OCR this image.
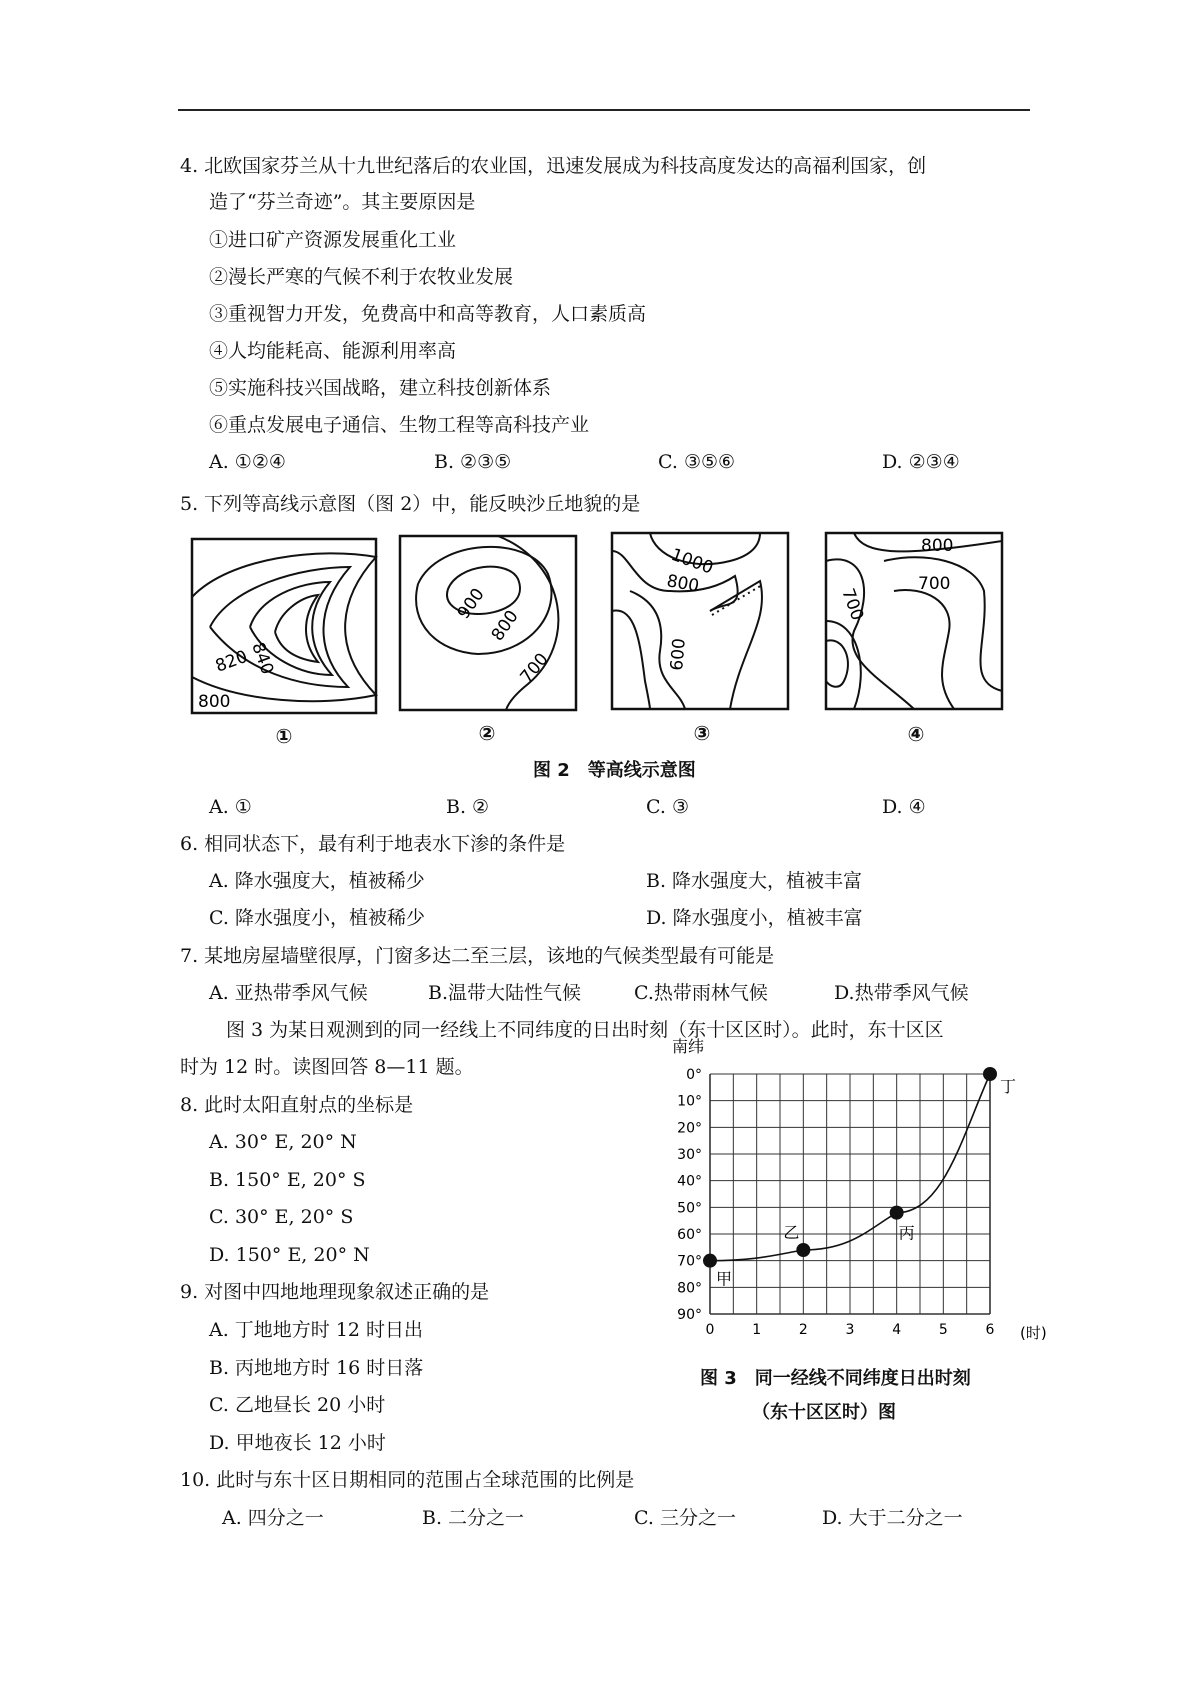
4. 北欧国家芬兰从十九世纪落后的农业国，迅速发展成为科技高度发达的高福利国家，创
造了“芬兰奇迹”。其主要原因是
①进口矿产资源发展重化工业
②漫长严寒的气候不利于农牧业发展
③重视智力开发，免费高中和高等教育，人口素质高
④人均能耗高、能源利用率高
⑤实施科技兴国战略，建立科技创新体系
⑥重点发展电子通信、生物工程等高科技产业
A. ①②④	B. ②③⑤	C. ③⑤⑥	D. ②③④
5. 下列等高线示意图（图 2）中，能反映沙丘地貌的是
840
820
800
①
900
800
700
②
1000
800
600
③
800
700
700
④
图 2　等高线示意图
A. ①	B. ②	C. ③	D. ④
6. 相同状态下，最有利于地表水下渗的条件是
A. 降水强度大，植被稀少	B. 降水强度大，植被丰富
C. 降水强度小，植被稀少	D. 降水强度小，植被丰富
7. 某地房屋墙壁很厚，门窗多达二至三层，该地的气候类型最有可能是
A. 亚热带季风气候	B.温带大陆性气候	C.热带雨林气候	D.热带季风气候
图 3 为某日观测到的同一经线上不同纬度的日出时刻（东十区区时）。此时，东十区区
时为 12 时。读图回答 8—11 题。
8. 此时太阳直射点的坐标是
A. 30° E, 20° N
B. 150° E, 20° S
C. 30° E, 20° S
D. 150° E, 20° N
9. 对图中四地地理现象叙述正确的是
A. 丁地地方时 12 时日出
B. 丙地地方时 16 时日落
C. 乙地昼长 20 小时
D. 甲地夜长 12 小时
10. 此时与东十区日期相同的范围占全球范围的比例是
A. 四分之一	B. 二分之一	C. 三分之一	D. 大于二分之一
0°
10°
20°
30°
40°
50°
60°
70°
80°
90°
0	1	2	3	4	5	6
甲
乙	丙
丁
南纬
(时)
图 3　同一经线不同纬度日出时刻
（东十区区时）图
